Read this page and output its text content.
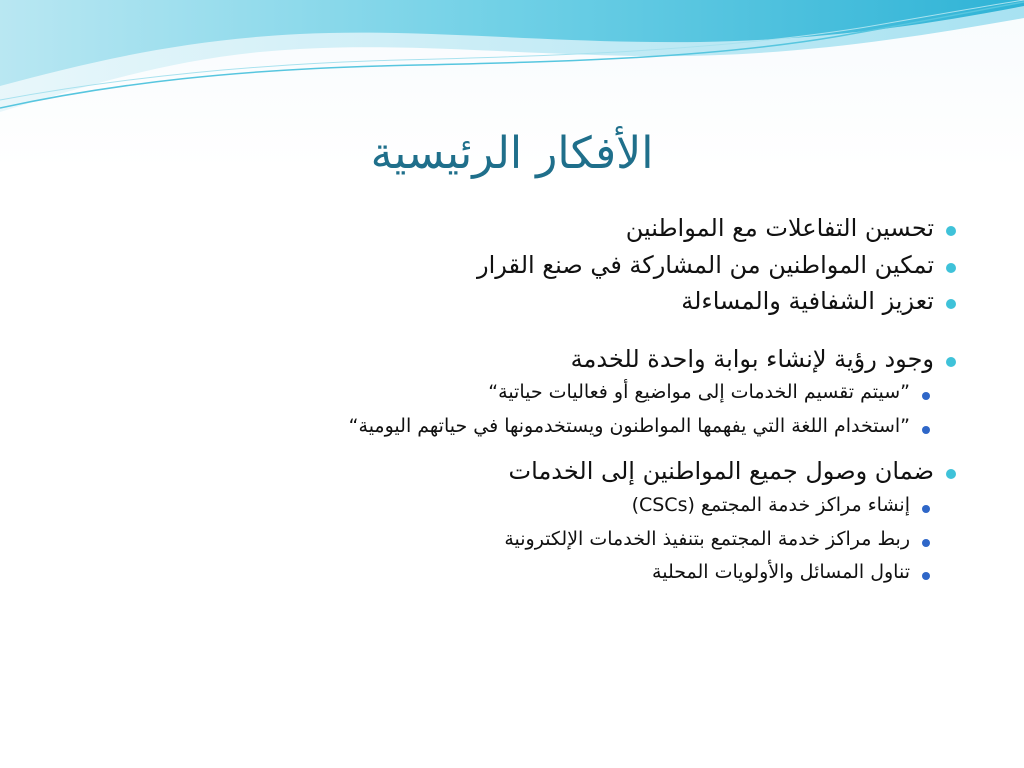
الأفكار الرئيسية
تحسين التفاعلات مع المواطنين
تمكين المواطنين من المشاركة في صنع القرار
تعزيز الشفافية والمساءلة
وجود رؤية لإنشاء بوابة واحدة للخدمة
”سيتم تقسيم الخدمات إلى مواضيع أو فعاليات حياتية“
”استخدام اللغة التي يفهمها المواطنون ويستخدمونها في حياتهم اليومية“
ضمان وصول جميع المواطنين إلى الخدمات
إنشاء مراكز خدمة المجتمع (CSCs)
ربط مراكز خدمة المجتمع بتنفيذ الخدمات الإلكترونية
تناول المسائل والأولويات المحلية
